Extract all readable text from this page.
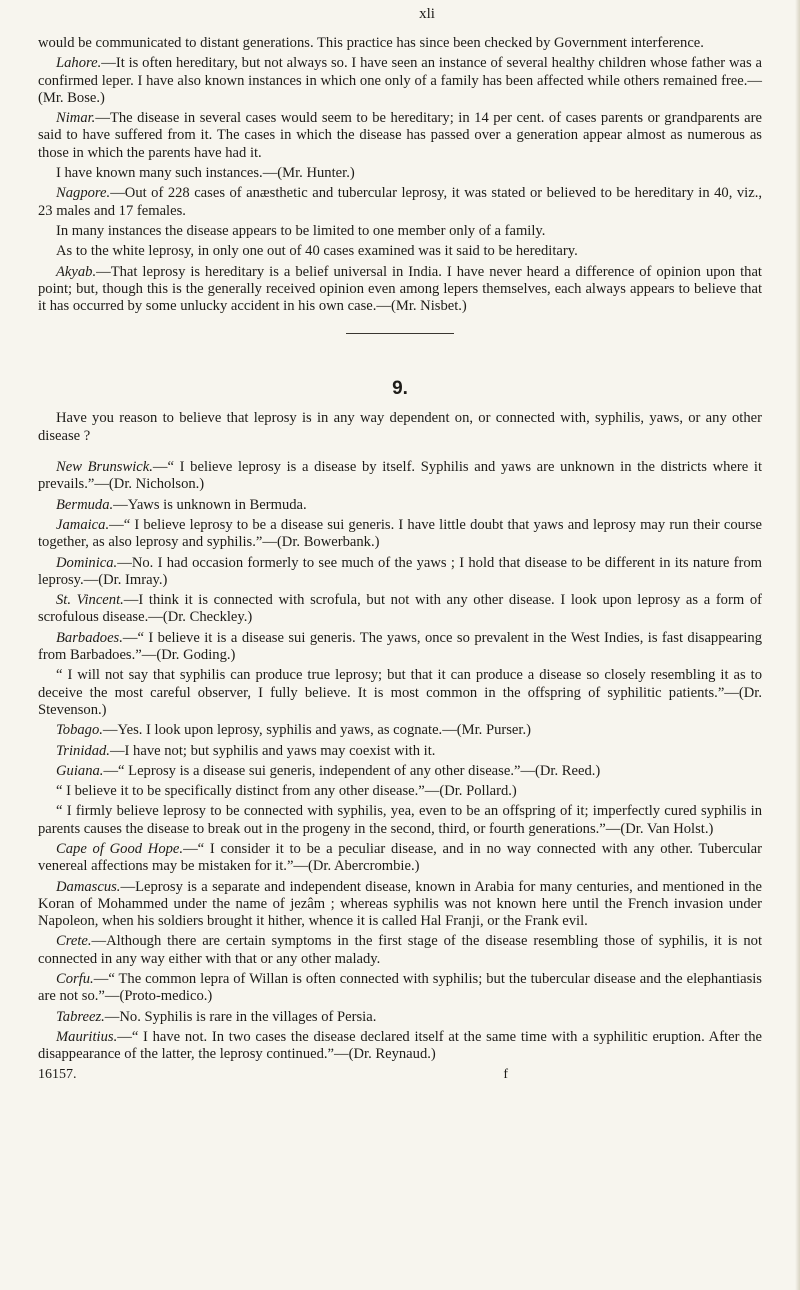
xli

would be communicated to distant generations. This practice has since been checked by Government interference.

Lahore.—It is often hereditary, but not always so. I have seen an instance of several healthy children whose father was a confirmed leper. I have also known instances in which one only of a family has been affected while others remained free.—(Mr. Bose.)

Nimar.—The disease in several cases would seem to be hereditary; in 14 per cent. of cases parents or grandparents are said to have suffered from it. The cases in which the disease has passed over a generation appear almost as numerous as those in which the parents have had it.

I have known many such instances.—(Mr. Hunter.)

Nagpore.—Out of 228 cases of anæsthetic and tubercular leprosy, it was stated or believed to be hereditary in 40, viz., 23 males and 17 females.

In many instances the disease appears to be limited to one member only of a family.

As to the white leprosy, in only one out of 40 cases examined was it said to be hereditary.

Akyab.—That leprosy is hereditary is a belief universal in India. I have never heard a difference of opinion upon that point; but, though this is the generally received opinion even among lepers themselves, each always appears to believe that it has occurred by some unlucky accident in his own case.—(Mr. Nisbet.)

9.

Have you reason to believe that leprosy is in any way dependent on, or connected with, syphilis, yaws, or any other disease ?

New Brunswick.—“ I believe leprosy is a disease by itself. Syphilis and yaws are unknown in the districts where it prevails.”—(Dr. Nicholson.)

Bermuda.—Yaws is unknown in Bermuda.

Jamaica.—“ I believe leprosy to be a disease sui generis. I have little doubt that yaws and leprosy may run their course together, as also leprosy and syphilis.”—(Dr. Bowerbank.)

Dominica.—No. I had occasion formerly to see much of the yaws ; I hold that disease to be different in its nature from leprosy.—(Dr. Imray.)

St. Vincent.—I think it is connected with scrofula, but not with any other disease. I look upon leprosy as a form of scrofulous disease.—(Dr. Checkley.)

Barbadoes.—“ I believe it is a disease sui generis. The yaws, once so prevalent in the West Indies, is fast disappearing from Barbadoes.”—(Dr. Goding.)

“ I will not say that syphilis can produce true leprosy; but that it can produce a disease so closely resembling it as to deceive the most careful observer, I fully believe. It is most common in the offspring of syphilitic patients.”—(Dr. Stevenson.)

Tobago.—Yes. I look upon leprosy, syphilis and yaws, as cognate.—(Mr. Purser.)

Trinidad.—I have not; but syphilis and yaws may coexist with it.

Guiana.—“ Leprosy is a disease sui generis, independent of any other disease.”—(Dr. Reed.)

“ I believe it to be specifically distinct from any other disease.”—(Dr. Pollard.)

“ I firmly believe leprosy to be connected with syphilis, yea, even to be an offspring of it; imperfectly cured syphilis in parents causes the disease to break out in the progeny in the second, third, or fourth generations.”—(Dr. Van Holst.)

Cape of Good Hope.—“ I consider it to be a peculiar disease, and in no way connected with any other. Tubercular venereal affections may be mistaken for it.”—(Dr. Abercrombie.)

Damascus.—Leprosy is a separate and independent disease, known in Arabia for many centuries, and mentioned in the Koran of Mohammed under the name of jezâm ; whereas syphilis was not known here until the French invasion under Napoleon, when his soldiers brought it hither, whence it is called Hal Franji, or the Frank evil.

Crete.—Although there are certain symptoms in the first stage of the disease resembling those of syphilis, it is not connected in any way either with that or any other malady.

Corfu.—“ The common lepra of Willan is often connected with syphilis; but the tubercular disease and the elephantiasis are not so.”—(Proto-medico.)

Tabreez.—No. Syphilis is rare in the villages of Persia.

Mauritius.—“ I have not. In two cases the disease declared itself at the same time with a syphilitic eruption. After the disappearance of the latter, the leprosy continued.”—(Dr. Reynaud.)

16157.	f
